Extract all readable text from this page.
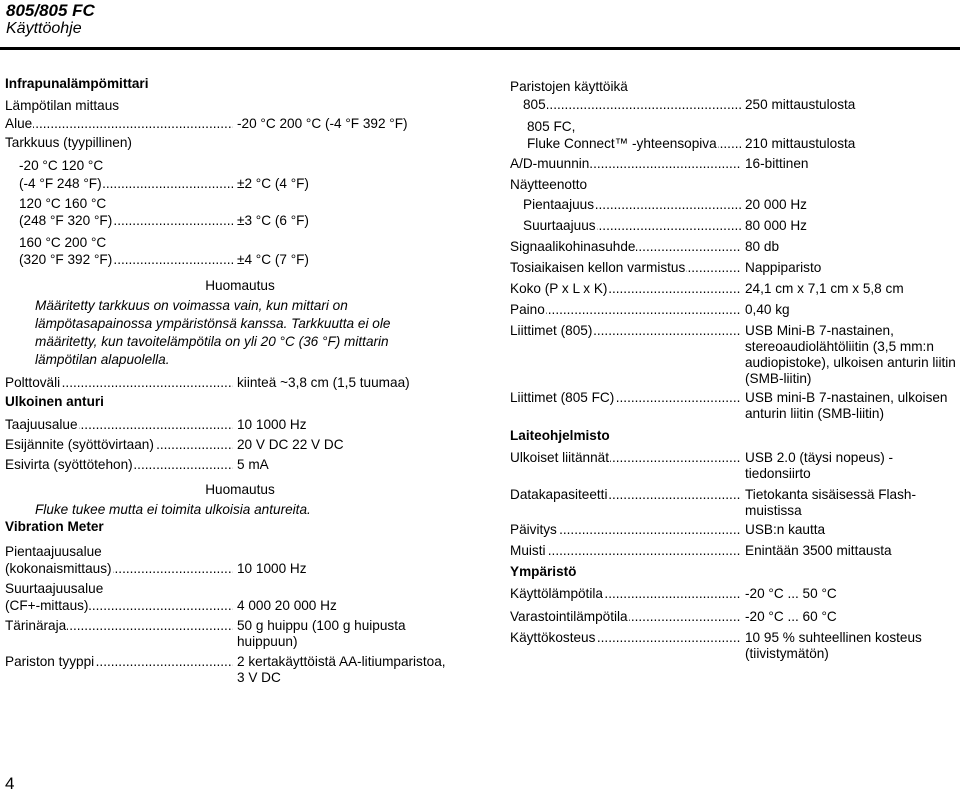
805/805 FC
Käyttöohje
Infrapunalämpömittari
Lämpötilan mittaus
Alue .....	-20 °C 200 °C (-4 °F 392 °F)
Tarkkuus (tyypillinen)
-20 °C 120 °C
(-4 °F 248 °F) .....	±2 °C (4 °F)
120 °C 160 °C
(248 °F 320 °F) .....	±3 °C (6 °F)
160 °C 200 °C
(320 °F 392 °F) .....	±4 °C (7 °F)
Huomautus
Määritetty tarkkuus on voimassa vain, kun mittari on
lämpötasapainossa ympäristönsä kanssa. Tarkkuutta ei ole
määritetty, kun tavoitelämpötila on yli 20 °C (36 °F) mittarin
lämpötilan alapuolella.
Polttoväli .....	kiinteä ~3,8 cm (1,5 tuumaa)
Ulkoinen anturi
Taajuusalue .....	10 1000 Hz
Esijännite (syöttövirtaan) .....	20 V DC 22 V DC
Esivirta (syöttötehon) .....	5 mA
Huomautus
Fluke tukee mutta ei toimita ulkoisia antureita.
Vibration Meter
Pientaajuusalue
(kokonaismittaus) .....	10 1000 Hz
Suurtaajuusalue
(CF+-mittaus) .....	4 000 20 000 Hz
Tärinäraja .....	50 g huippu (100 g huipusta
huippuun)
Pariston tyyppi .....	2 kertakäyttöistä AA-litiumparistoa,
3 V DC
Paristojen käyttöikä
805 .....	250 mittaustulosta
805 FC,
Fluke Connect™ -yhteensopiva .....	210 mittaustulosta
A/D-muunnin .....	16-bittinen
Näytteenotto
Pientaajuus .....	20 000 Hz
Suurtaajuus .....	80 000 Hz
Signaalikohinasuhde .....	80 db
Tosiaikaisen kellon varmistus .....	Nappiparisto
Koko (P x L x K) .....	24,1 cm x 7,1 cm x 5,8 cm
Paino .....	0,40 kg
Liittimet (805) .....	USB Mini-B 7-nastainen,
stereoaudiolähtöliitin (3,5 mm:n
audiopistoke), ulkoisen anturin liitin
(SMB-liitin)
Liittimet (805 FC) .....	USB mini-B 7-nastainen, ulkoisen
anturin liitin (SMB-liitin)
Laiteohjelmisto
Ulkoiset liitännät .....	USB 2.0 (täysi nopeus) -
tiedonsiirto
Datakapasiteetti .....	Tietokanta sisäisessä Flash-
muistissa
Päivitys .....	USB:n kautta
Muisti .....	Enintään 3500 mittausta
Ympäristö
Käyttölämpötila .....	-20 °C ... 50 °C
Varastointilämpötila .....	-20 °C ... 60 °C
Käyttökosteus .....	10 95 % suhteellinen kosteus
(tiivistymätön)
4
